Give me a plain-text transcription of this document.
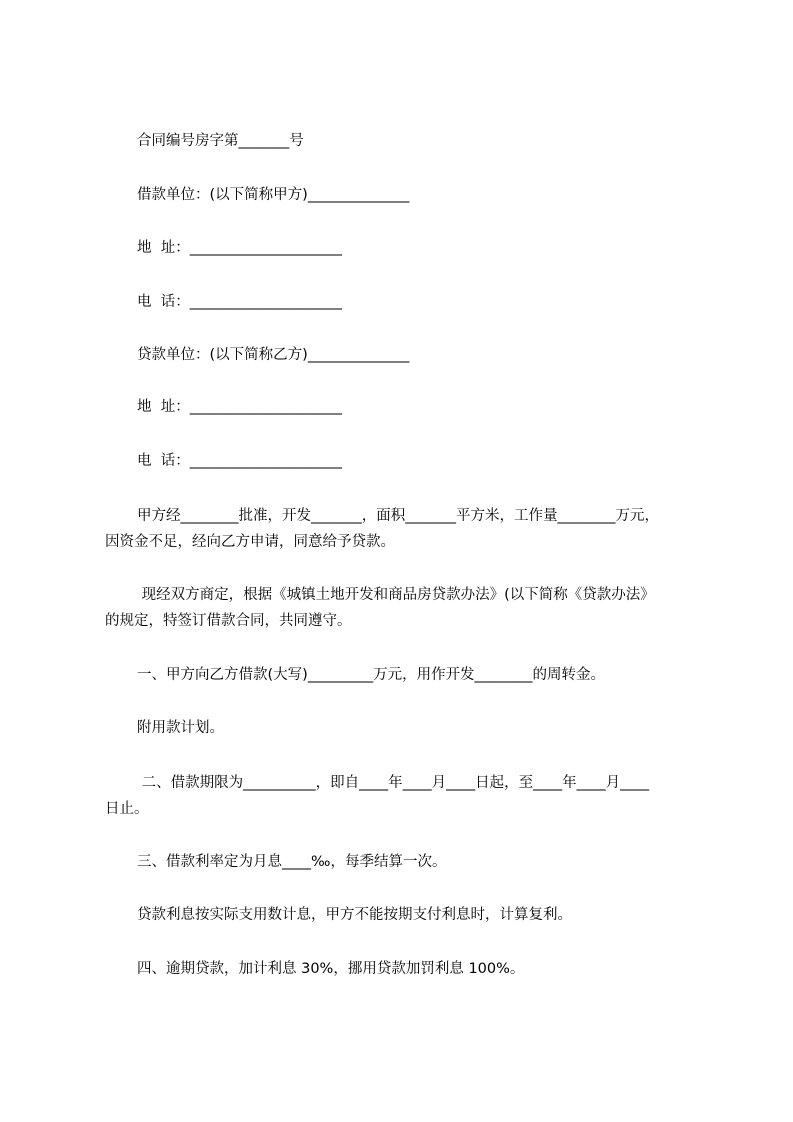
合同编号房字第_______号
借款单位：(以下简称甲方)______________
地  址：_____________________
电  话：_____________________
贷款单位：(以下简称乙方)______________
地  址：_____________________
电  话：_____________________
甲方经________批准，开发_______，面积_______平方米，工作量________万元，
因资金不足，经向乙方申请，同意给予贷款。
现经双方商定，根据《城镇土地开发和商品房贷款办法》(以下简称《贷款办法》
的规定，特签订借款合同，共同遵守。
一、甲方向乙方借款(大写)_________万元，用作开发________的周转金。
附用款计划。
二、借款期限为__________，即自____年____月____日起，至____年____月____
日止。
三、借款利率定为月息____‰，每季结算一次。
贷款利息按实际支用数计息，甲方不能按期支付利息时，计算复利。
四、逾期贷款，加计利息 30%，挪用贷款加罚利息 100%。
